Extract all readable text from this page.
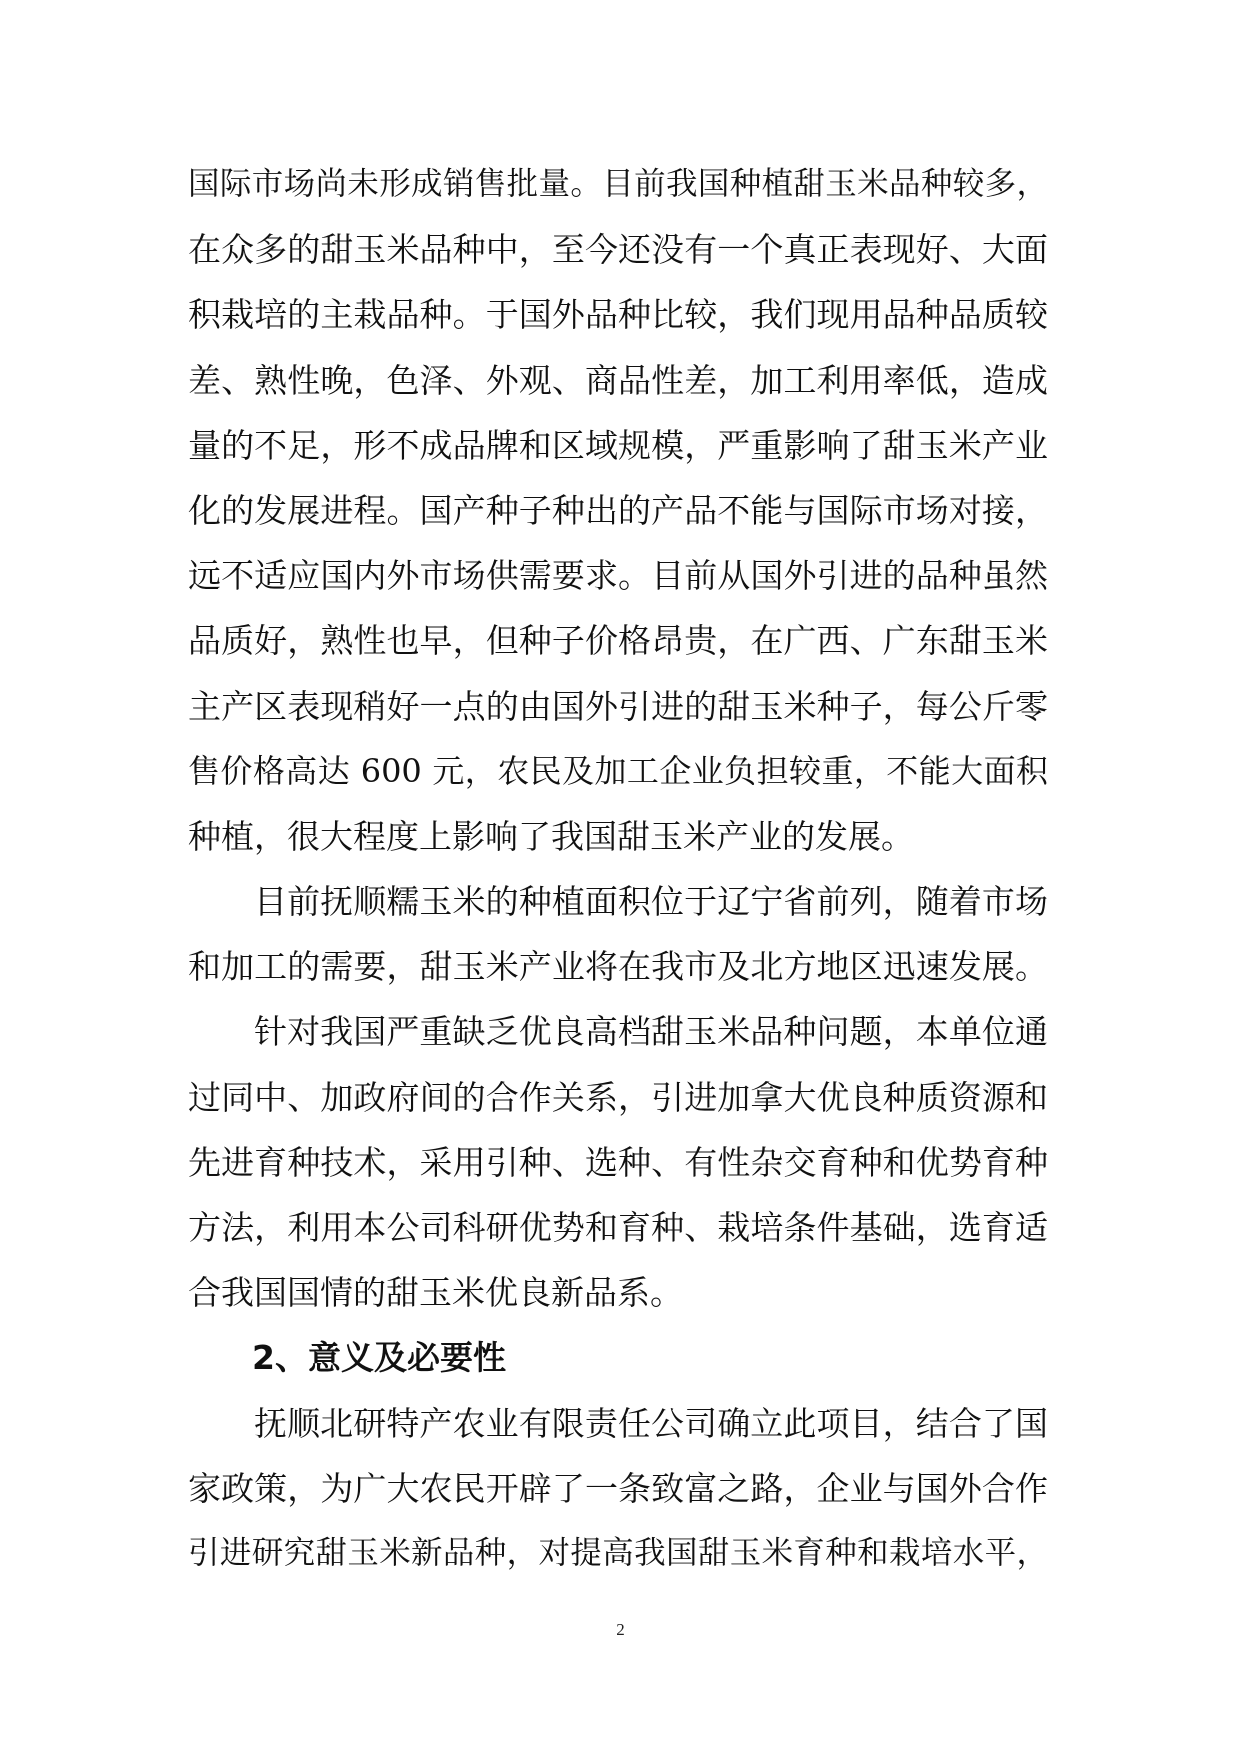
国际市场尚未形成销售批量。目前我国种植甜玉米品种较多，

在众多的甜玉米品种中，至今还没有一个真正表现好、大面

积栽培的主栽品种。于国外品种比较，我们现用品种品质较

差、熟性晚，色泽、外观、商品性差，加工利用率低，造成

量的不足，形不成品牌和区域规模，严重影响了甜玉米产业

化的发展进程。国产种子种出的产品不能与国际市场对接，

远不适应国内外市场供需要求。目前从国外引进的品种虽然

品质好，熟性也早，但种子价格昂贵，在广西、广东甜玉米

主产区表现稍好一点的由国外引进的甜玉米种子，每公斤零

售价格高达 600 元，农民及加工企业负担较重，不能大面积

种植，很大程度上影响了我国甜玉米产业的发展。

目前抚顺糯玉米的种植面积位于辽宁省前列，随着市场

和加工的需要，甜玉米产业将在我市及北方地区迅速发展。

针对我国严重缺乏优良高档甜玉米品种问题，本单位通

过同中、加政府间的合作关系，引进加拿大优良种质资源和

先进育种技术，采用引种、选种、有性杂交育种和优势育种

方法，利用本公司科研优势和育种、栽培条件基础，选育适

合我国国情的甜玉米优良新品系。

2、意义及必要性

抚顺北研特产农业有限责任公司确立此项目，结合了国

家政策，为广大农民开辟了一条致富之路，企业与国外合作

引进研究甜玉米新品种，对提高我国甜玉米育种和栽培水平，

2
